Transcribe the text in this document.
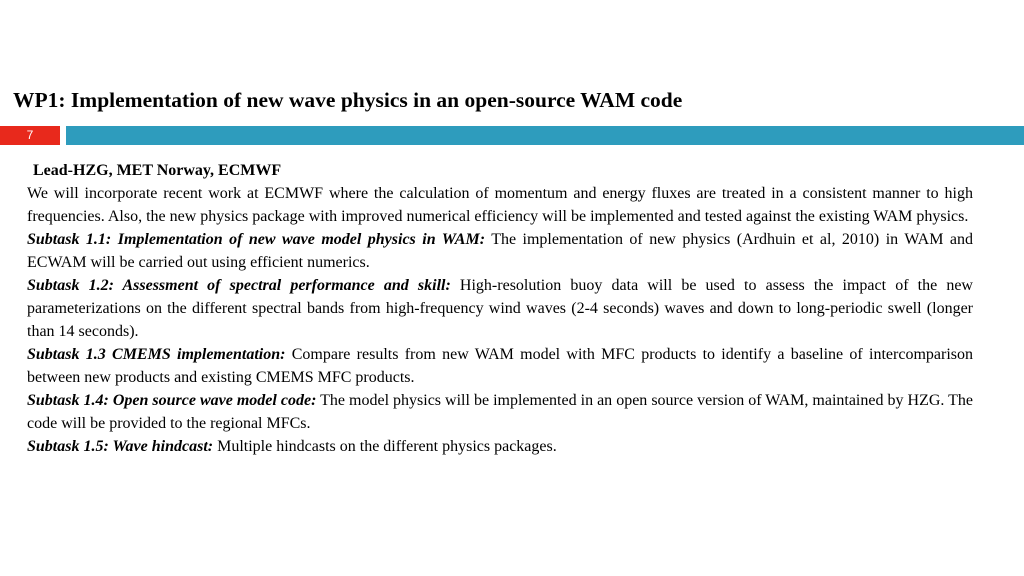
WP1: Implementation of new wave physics in an open-source WAM code
7
Lead-HZG, MET Norway, ECMWF
We will incorporate recent work at ECMWF where the calculation of momentum and energy fluxes are treated in a consistent manner to high frequencies. Also, the new physics package with improved numerical efficiency will be implemented and tested against the existing WAM physics.
Subtask 1.1: Implementation of new wave model physics in WAM: The implementation of new physics (Ardhuin et al, 2010) in WAM and ECWAM will be carried out using efficient numerics.
Subtask 1.2: Assessment of spectral performance and skill: High-resolution buoy data will be used to assess the impact of the new parameterizations on the different spectral bands from high-frequency wind waves (2-4 seconds) waves and down to long-periodic swell (longer than 14 seconds).
Subtask 1.3 CMEMS implementation: Compare results from new WAM model with MFC products to identify a baseline of intercomparison between new products and existing CMEMS MFC products.
Subtask 1.4: Open source wave model code: The model physics will be implemented in an open source version of WAM, maintained by HZG. The code will be provided to the regional MFCs.
Subtask 1.5: Wave hindcast: Multiple hindcasts on the different physics packages.
